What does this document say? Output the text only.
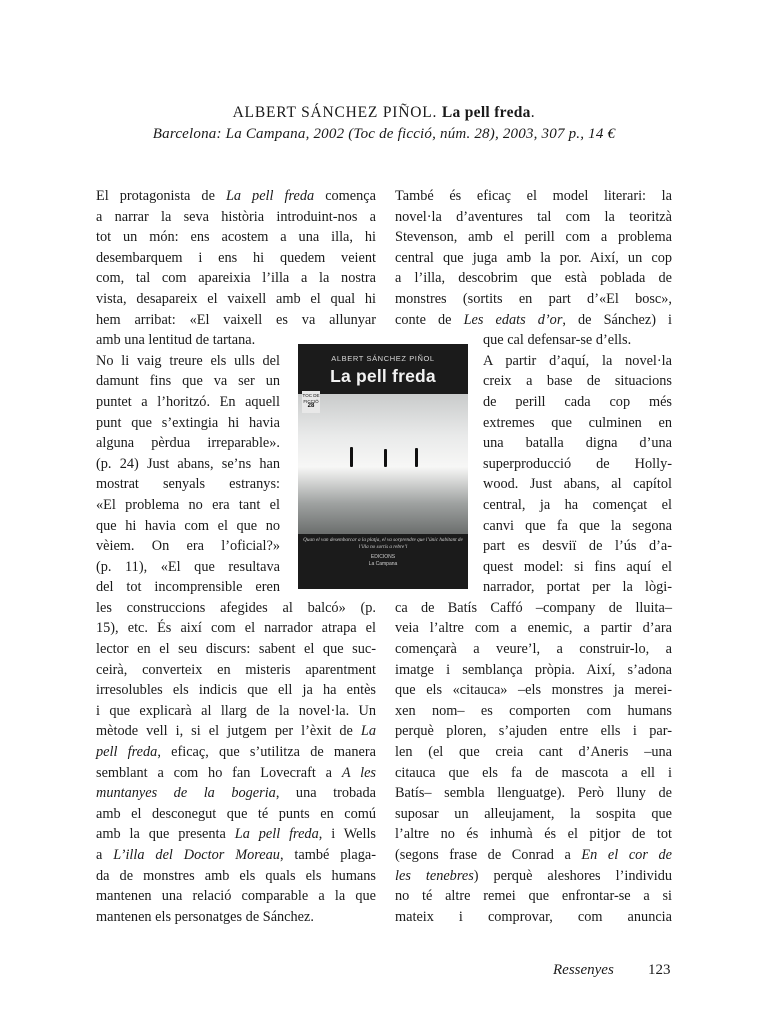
ALBERT SÁNCHEZ PIÑOL. La pell freda.
Barcelona: La Campana, 2002 (Toc de ficció, núm. 28), 2003, 307 p., 14 €
El protagonista de La pell freda comença
a narrar la seva història introduint-nos a
tot un món: ens acostem a una illa, hi
desembarquem i ens hi quedem veient
com, tal com apareixia l’illa a la nostra
vista, desapareix el vaixell amb el qual hi
hem arribat: «El vaixell es va allunyar
amb una lentitud de tartana.
No li vaig treure els ulls del
damunt fins que va ser un
puntet a l’horitzó. En aquell
punt que s’extingia hi havia
alguna pèrdua irreparable».
(p. 24) Just abans, se’ns han
mostrat senyals estranys:
«El problema no era tant el
que hi havia com el que no
vèiem. On era l’oficial?»
(p. 11), «El que resultava
del tot incomprensible eren
les construccions afegides al balcó» (p.
15), etc. És així com el narrador atrapa el
lector en el seu discurs: sabent el que suc-
ceirà, converteix en misteris aparentment
irresolubles els indicis que ell ja ha entès
i que explicarà al llarg de la novel·la. Un
mètode vell i, si el jutgem per l’èxit de La
pell freda, eficaç, que s’utilitza de manera
semblant a com ho fan Lovecraft a A les
muntanyes de la bogeria, una trobada
amb el desconegut que té punts en comú
amb la que presenta La pell freda, i Wells
a L’illa del Doctor Moreau, també plaga-
da de monstres amb els quals els humans
mantenen una relació comparable a la que
mantenen els personatges de Sánchez.
També és eficaç el model literari: la
novel·la d’aventures tal com la teoritzà
Stevenson, amb el perill com a problema
central que juga amb la por. Així, un cop
a l’illa, descobrim que està poblada de
monstres (sortits en part d’«El bosc»,
conte de Les edats d’or, de Sánchez) i
que cal defensar-se d’ells.
A partir d’aquí, la novel·la
creix a base de situacions
de perill cada cop més
extremes que culminen en
una batalla digna d’una
superproducció de Holly-
wood. Just abans, al capítol
central, ja ha començat el
canvi que fa que la segona
part es desviï de l’ús d’a-
quest model: si fins aquí el
narrador, portat per la lògi-
ca de Batís Caffó –company de lluita–
veia l’altre com a enemic, a partir d’ara
començarà a veure’l, a construir-lo, a
imatge i semblança pròpia. Així, s’adona
que els «citauca» –els monstres ja merei-
xen nom– es comporten com humans
perquè ploren, s’ajuden entre ells i par-
len (el que creia cant d’Aneris –una
citauca que els fa de mascota a ell i
Batís– sembla llenguatge). Però lluny de
suposar un alleujament, la sospita que
l’altre no és inhumà és el pitjor de tot
(segons frase de Conrad a En el cor de
les tenebres) perquè aleshores l’individu
no té altre remei que enfrontar-se a si
mateix i comprovar, com anuncia
ALBERT SÁNCHEZ PIÑOL
La pell freda
TOC DE FICCIÓ
28
Quan el van desembarcar a la platja, el va sorprendre que l’únic habitant de l’illa no sortís a rebre’l
EDICIONS
La Campana
Ressenyes 123
